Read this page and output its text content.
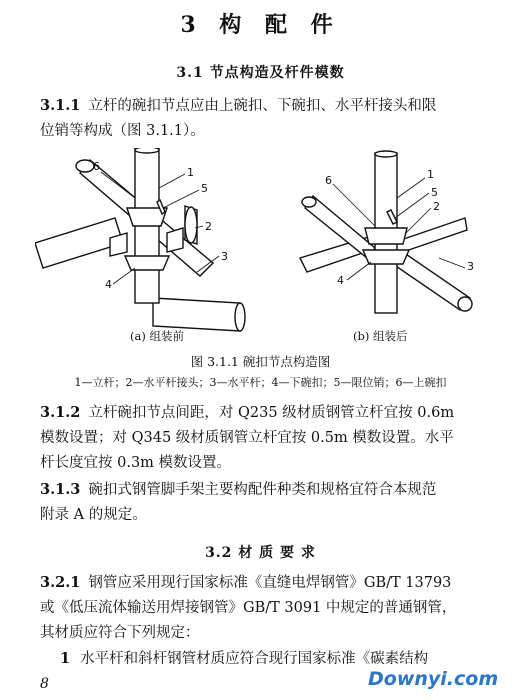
3 构 配 件
3.1 节点构造及杆件模数
3.1.1 立杆的碗扣节点应由上碗扣、下碗扣、水平杆接头和限
位销等构成（图 3.1.1）。
6	1
5
2
3
4
6	1
5
2
3
4
(a) 组装前	(b) 组装后
图 3.1.1 碗扣节点构造图
1—立杆；2—水平杆接头；3—水平杆；4—下碗扣；5—限位销；6—上碗扣
3.1.2 立杆碗扣节点间距，对 Q235 级材质钢管立杆宜按 0.6m
模数设置；对 Q345 级材质钢管立杆宜按 0.5m 模数设置。水平
杆长度宜按 0.3m 模数设置。
3.1.3 碗扣式钢管脚手架主要构配件种类和规格宜符合本规范
附录 A 的规定。
3.2 材 质 要 求
3.2.1 钢管应采用现行国家标准《直缝电焊钢管》GB/T 13793
或《低压流体输送用焊接钢管》GB/T 3091 中规定的普通钢管，
其材质应符合下列规定：
1 水平杆和斜杆钢管材质应符合现行国家标准《碳素结构
8	Downyi.com
